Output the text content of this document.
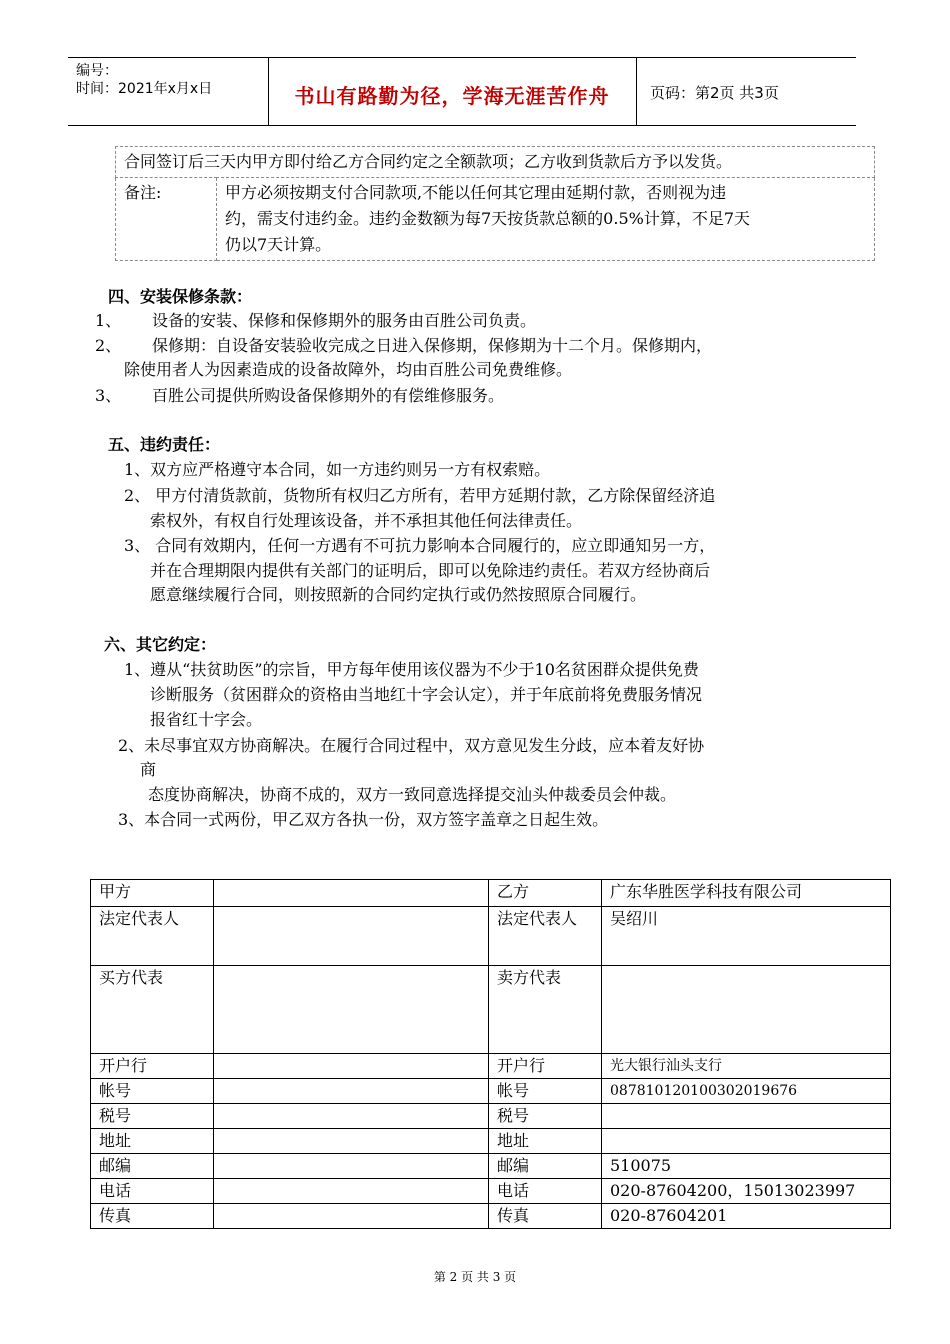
编号：
时间：2021年x月x日	书山有路勤为径，学海无涯苦作舟	页码：第2页 共3页
合同签订后三天内甲方即付给乙方合同约定之全额款项；乙方收到货款后方予以发货。
备注:	甲方必须按期支付合同款项,不能以任何其它理由延期付款，否则视为违
约，需支付违约金。违约金数额为每7天按货款总额的0.5%计算，不足7天
仍以7天计算。
四、安装保修条款：
1、 设备的安装、保修和保修期外的服务由百胜公司负责。
2、 保修期：自设备安装验收完成之日进入保修期，保修期为十二个月。保修期内，
除使用者人为因素造成的设备故障外，均由百胜公司免费维修。
3、 百胜公司提供所购设备保修期外的有偿维修服务。
五、违约责任：
1、双方应严格遵守本合同，如一方违约则另一方有权索赔。
2、 甲方付清货款前，货物所有权归乙方所有，若甲方延期付款，乙方除保留经济追
索权外，有权自行处理该设备，并不承担其他任何法律责任。
3、 合同有效期内，任何一方遇有不可抗力影响本合同履行的，应立即通知另一方，
并在合理期限内提供有关部门的证明后，即可以免除违约责任。若双方经协商后
愿意继续履行合同，则按照新的合同约定执行或仍然按照原合同履行。
六、其它约定：
1、遵从“扶贫助医”的宗旨，甲方每年使用该仪器为不少于10名贫困群众提供免费
诊断服务（贫困群众的资格由当地红十字会认定），并于年底前将免费服务情况
报省红十字会。
2、未尽事宜双方协商解决。在履行合同过程中，双方意见发生分歧，应本着友好协
商
态度协商解决，协商不成的，双方一致同意选择提交汕头仲裁委员会仲裁。
3、本合同一式两份，甲乙双方各执一份，双方签字盖章之日起生效。
甲方		乙方	广东华胜医学科技有限公司
法定代表人		法定代表人	吴绍川
买方代表		卖方代表	
开户行		开户行	光大银行汕头支行
帐号		帐号	087810120100302019676
税号		税号	
地址		地址	
邮编		邮编	510075
电话		电话	020-87604200，15013023997
传真		传真	020-87604201
第 2 页 共 3 页
